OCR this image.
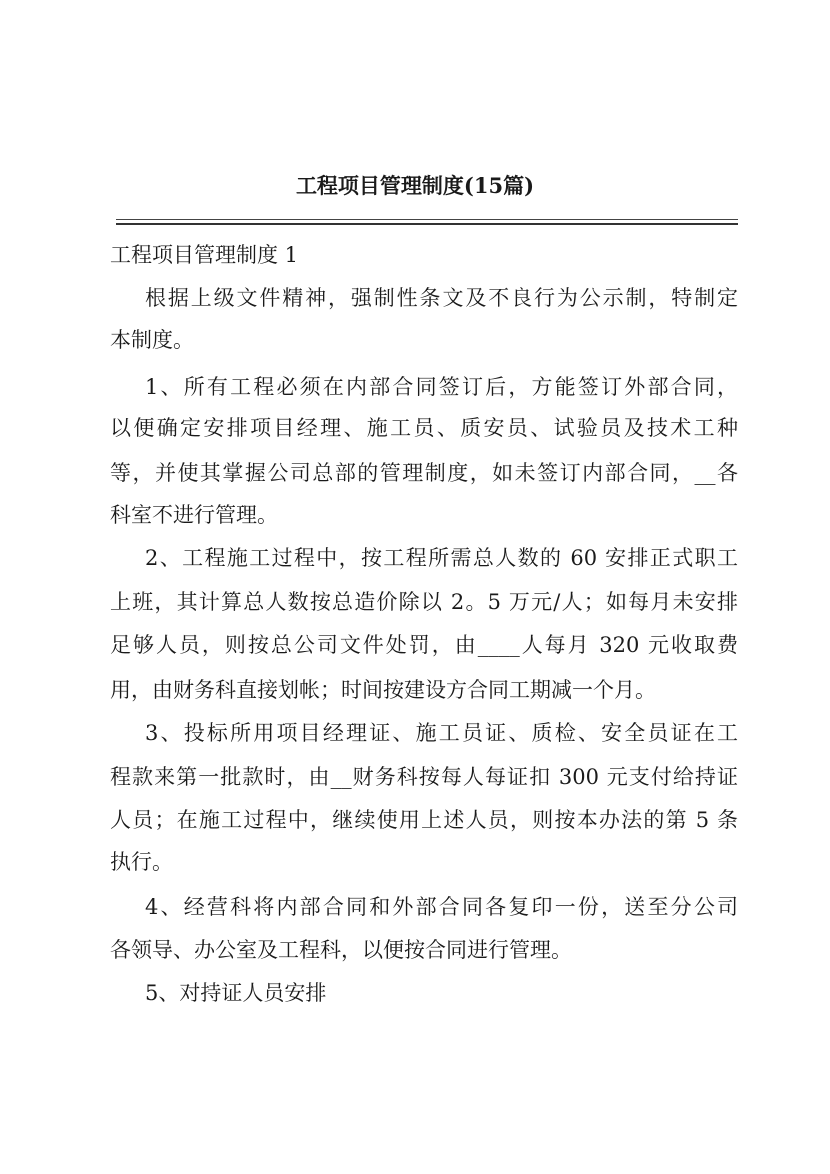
工程项目管理制度(15篇)
工程项目管理制度 1
根据上级文件精神，强制性条文及不良行为公示制，特制定
本制度。
1、所有工程必须在内部合同签订后，方能签订外部合同，
以便确定安排项目经理、施工员、质安员、试验员及技术工种
等，并使其掌握公司总部的管理制度，如未签订内部合同，__各
科室不进行管理。
2、工程施工过程中，按工程所需总人数的 60 安排正式职工
上班，其计算总人数按总造价除以 2。5 万元/人；如每月未安排
足够人员，则按总公司文件处罚，由____人每月 320 元收取费
用，由财务科直接划帐；时间按建设方合同工期减一个月。
3、投标所用项目经理证、施工员证、质检、安全员证在工
程款来第一批款时，由__财务科按每人每证扣 300 元支付给持证
人员；在施工过程中，继续使用上述人员，则按本办法的第 5 条
执行。
4、经营科将内部合同和外部合同各复印一份，送至分公司
各领导、办公室及工程科，以便按合同进行管理。
5、对持证人员安排
